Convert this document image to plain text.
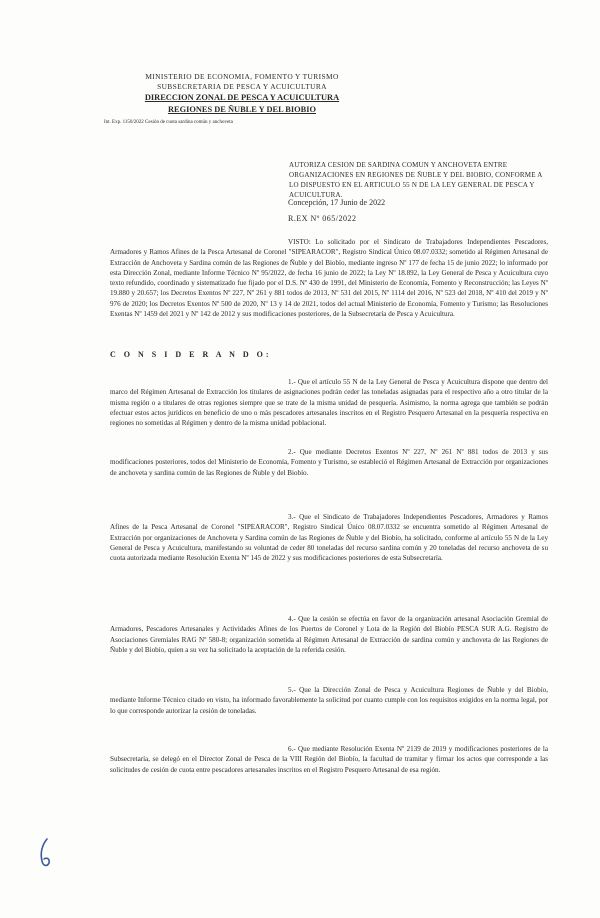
MINISTERIO DE ECONOMIA, FOMENTO Y TURISMO
SUBSECRETARIA DE PESCA Y ACUICULTURA
DIRECCION ZONAL DE PESCA Y ACUICULTURA
REGIONES DE ÑUBLE Y DEL BIOBIO
Int. Exp. 1150/2022 Cesión de cuota sardina común y anchoveta
AUTORIZA CESION DE SARDINA COMUN Y ANCHOVETA ENTRE ORGANIZACIONES EN REGIONES DE ÑUBLE Y DEL BIOBIO, CONFORME A LO DISPUESTO EN EL ARTICULO 55 N DE LA LEY GENERAL DE PESCA Y ACUICULTURA.
Concepción, 17 Junio de 2022
R.EX Nº 065/2022
VISTO: Lo solicitado por el Sindicato de Trabajadores Independientes Pescadores, Armadores y Ramos Afines de la Pesca Artesanal de Coronel "SIPEARACOR", Registro Sindical Único 08.07.0332; sometido al Régimen Artesanal de Extracción de Anchoveta y Sardina común de las Regiones de Ñuble y del Biobío, mediante ingreso Nº 177 de fecha 15 de junio 2022; lo informado por esta Dirección Zonal, mediante Informe Técnico Nº 95/2022, de fecha 16 junio de 2022; la Ley Nº 18.892, la Ley General de Pesca y Acuicultura cuyo texto refundido, coordinado y sistematizado fue fijado por el D.S. Nº 430 de 1991, del Ministerio de Economía, Fomento y Reconstrucción; las Leyes Nº 19.880 y 20.657; los Decretos Exentos Nº 227, Nº 261 y 881 todos de 2013, Nº 531 del 2015, Nº 1114 del 2016, Nº 523 del 2018, Nº 410 del 2019 y Nº 976 de 2020; los Decretos Exentos Nº 500 de 2020, Nº 13 y 14 de 2021, todos del actual Ministerio de Economía, Fomento y Turismo; las Resoluciones Exentas Nº 1459 del 2021 y Nº 142 de 2012 y sus modificaciones posteriores, de la Subsecretaría de Pesca y Acuicultura.
C O N S I D E R A N D O:
1.- Que el artículo 55 N de la Ley General de Pesca y Acuicultura dispone que dentro del marco del Régimen Artesanal de Extracción los titulares de asignaciones podrán ceder las toneladas asignadas para el respectivo año a otro titular de la misma región o a titulares de otras regiones siempre que se trate de la misma unidad de pesquería. Asimismo, la norma agrega que también se podrán efectuar estos actos jurídicos en beneficio de uno o más pescadores artesanales inscritos en el Registro Pesquero Artesanal en la pesquería respectiva en regiones no sometidas al Régimen y dentro de la misma unidad poblacional.
2.- Que mediante Decretos Exentos Nº 227, Nº 261 Nº 881 todos de 2013 y sus modificaciones posteriores, todos del Ministerio de Economía, Fomento y Turismo, se estableció el Régimen Artesanal de Extracción por organizaciones de anchoveta y sardina común de las Regiones de Ñuble y del Biobío.
3.- Que el Sindicato de Trabajadores Independientes Pescadores, Armadores y Ramos Afines de la Pesca Artesanal de Coronel "SIPEARACOR", Registro Sindical Único 08.07.0332 se encuentra sometido al Régimen Artesanal de Extracción por organizaciones de Anchoveta y Sardina común de las Regiones de Ñuble y del Biobío, ha solicitado, conforme al artículo 55 N de la Ley General de Pesca y Acuicultura, manifestando su voluntad de ceder 80 toneladas del recurso sardina común y 20 toneladas del recurso anchoveta de su cuota autorizada mediante Resolución Exenta Nº 145 de 2022 y sus modificaciones posteriores de esta Subsecretaría.
4.- Que la cesión se efectúa en favor de la organización artesanal Asociación Gremial de Armadores, Pescadores Artesanales y Actividades Afines de los Puertos de Coronel y Lota de la Región del Biobío PESCA SUR A.G. Registro de Asociaciones Gremiales RAG Nº 580-8; organización sometida al Régimen Artesanal de Extracción de sardina común y anchoveta de las Regiones de Ñuble y del Biobío, quien a su vez ha solicitado la aceptación de la referida cesión.
5.- Que la Dirección Zonal de Pesca y Acuicultura Regiones de Ñuble y del Biobío, mediante Informe Técnico citado en visto, ha informado favorablemente la solicitud por cuanto cumple con los requisitos exigidos en la norma legal, por lo que corresponde autorizar la cesión de toneladas.
6.- Que mediante Resolución Exenta Nº 2139 de 2019 y modificaciones posteriores de la Subsecretaría, se delegó en el Director Zonal de Pesca de la VIII Región del Biobío, la facultad de tramitar y firmar los actos que corresponde a las solicitudes de cesión de cuota entre pescadores artesanales inscritos en el Registro Pesquero Artesanal de esa región.
